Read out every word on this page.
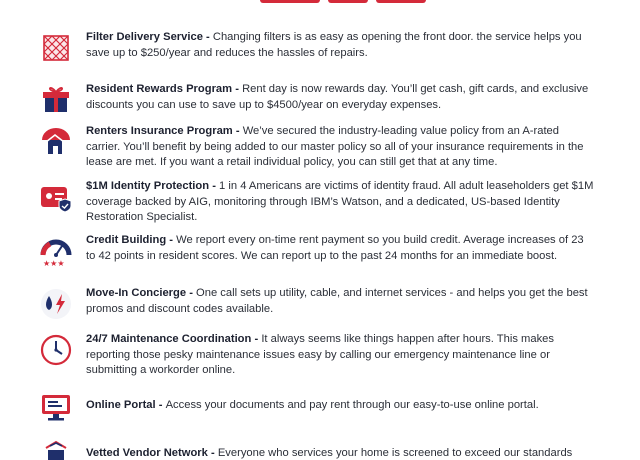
Filter Delivery Service - Changing filters is as easy as opening the front door. the service helps you save up to $250/year and reduces the hassles of repairs.
Resident Rewards Program - Rent day is now rewards day. You’ll get cash, gift cards, and exclusive discounts you can use to save up to $4500/year on everyday expenses.
Renters Insurance Program - We’ve secured the industry-leading value policy from an A-rated carrier. You’ll benefit by being added to our master policy so all of your insurance requirements in the lease are met. If you want a retail individual policy, you can still get that at any time.
$1M Identity Protection - 1 in 4 Americans are victims of identity fraud. All adult leaseholders get $1M coverage backed by AIG, monitoring through IBM’s Watson, and a dedicated, US-based Identity Restoration Specialist.
★★★
Credit Building - We report every on-time rent payment so you build credit. Average increases of 23 to 42 points in resident scores. We can report up to the past 24 months for an immediate boost.
Move-In Concierge - One call sets up utility, cable, and internet services - and helps you get the best promos and discount codes available.
24/7 Maintenance Coordination - It always seems like things happen after hours. This makes reporting those pesky maintenance issues easy by calling our emergency maintenance line or submitting a workorder online.
Online Portal - Access your documents and pay rent through our easy-to-use online portal.
Vetted Vendor Network - Everyone who services your home is screened to exceed our standards
